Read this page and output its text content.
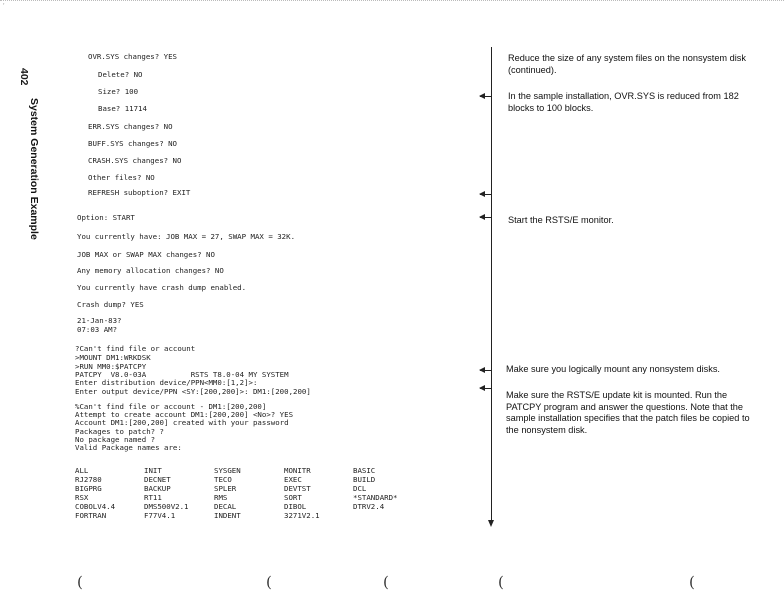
ʳ
402
System Generation Example
OVR.SYS changes? YES
Delete? NO
Size? 100
Base? 11714
ERR.SYS changes? NO
BUFF.SYS changes? NO
CRASH.SYS changes? NO
Other files? NO
REFRESH suboption? EXIT
Option: START
You currently have: JOB MAX = 27, SWAP MAX = 32K.
JOB MAX or SWAP MAX changes? NO
Any memory allocation changes? NO
You currently have crash dump enabled.
Crash dump? YES
21-Jan-83?
07:03 AM?
?Can't find file or account
>MOUNT DM1:WRKDSK
>RUN MM0:$PATCPY
PATCPY  V8.0-03A          RSTS T8.0-04 MY SYSTEM
Enter distribution device/PPN<MM0:[1,2]>:
Enter output device/PPN <SY:[200,200]>: DM1:[200,200]
%Can't find file or account - DM1:[200,200]
Attempt to create account DM1:[200,200] <No>? YES
Account DM1:[200,200] created with your password
Packages to patch? ?
No package named ?
Valid Package names are:
ALL	INIT	SYSGEN	MONITR	BASIC
RJ2780	DECNET	TECO	EXEC	BUILD
BIGPRG	BACKUP	SPLER	DEVTST	DCL
RSX	RT11	RMS	SORT	*STANDARD*
COBOLV4.4	DMS500V2.1	DECAL	DIBOL	DTRV2.4
FORTRAN	F77V4.1	INDENT	3271V2.1
Reduce the size of any system files on the nonsystem disk (continued).
In the sample installation, OVR.SYS is reduced from 182 blocks to 100 blocks.
Start the RSTS/E monitor.
Make sure you logically mount any nonsystem disks.
Make sure the RSTS/E update kit is mounted. Run the PATCPY program and answer the questions. Note that the sample installation specifies that the patch files be copied to the nonsystem disk.
(	(	(	(	(
